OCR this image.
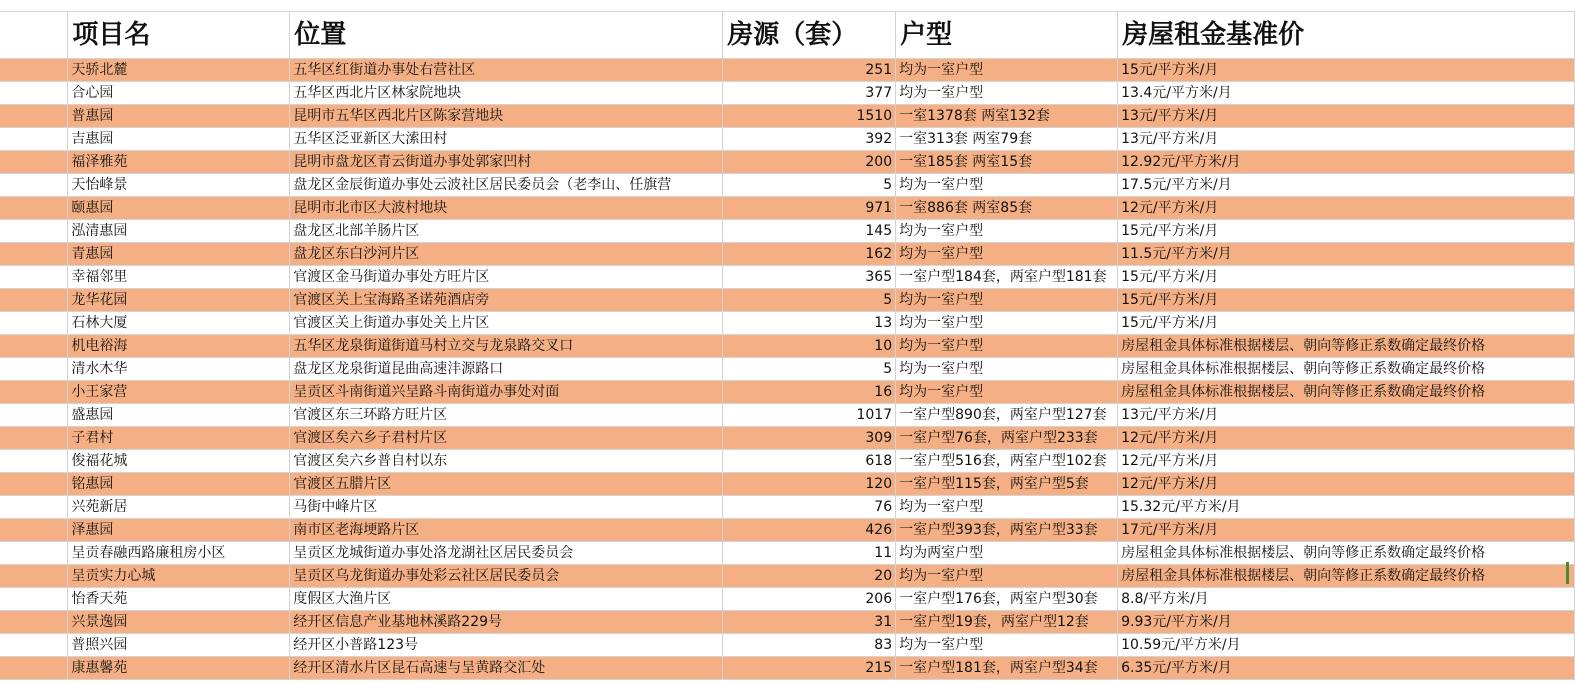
	项目名	位置	房源（套）	户型	房屋租金基准价
	天骄北麓	五华区红街道办事处右营社区	251	均为一室户型	15元/平方米/月
	合心园	五华区西北片区林家院地块	377	均为一室户型	13.4元/平方米/月
	普惠园	昆明市五华区西北片区陈家营地块	1510	一室1378套 两室132套	13元/平方米/月
	吉惠园	五华区泛亚新区大溹田村	392	一室313套 两室79套	13元/平方米/月
	福泽雅苑	昆明市盘龙区青云街道办事处郭家凹村	200	一室185套 两室15套	12.92元/平方米/月
	天怡峰景	盘龙区金辰街道办事处云波社区居民委员会（老李山、任旗营	5	均为一室户型	17.5元/平方米/月
	颐惠园	昆明市北市区大波村地块	971	一室886套 两室85套	12元/平方米/月
	泓清惠园	盘龙区北部羊肠片区	145	均为一室户型	15元/平方米/月
	青惠园	盘龙区东白沙河片区	162	均为一室户型	11.5元/平方米/月
	幸福邻里	官渡区金马街道办事处方旺片区	365	一室户型184套，两室户型181套	15元/平方米/月
	龙华花园	官渡区关上宝海路圣诺苑酒店旁	5	均为一室户型	15元/平方米/月
	石林大厦	官渡区关上街道办事处关上片区	13	均为一室户型	15元/平方米/月
	机电裕海	五华区龙泉街道街道马村立交与龙泉路交叉口	10	均为一室户型	房屋租金具体标准根据楼层、朝向等修正系数确定最终价格
	清水木华	盘龙区龙泉街道昆曲高速沣源路口	5	均为一室户型	房屋租金具体标准根据楼层、朝向等修正系数确定最终价格
	小王家营	呈贡区斗南街道兴呈路斗南街道办事处对面	16	均为一室户型	房屋租金具体标准根据楼层、朝向等修正系数确定最终价格
	盛惠园	官渡区东三环路方旺片区	1017	一室户型890套，两室户型127套	13元/平方米/月
	子君村	官渡区矣六乡子君村片区	309	一室户型76套，两室户型233套	12元/平方米/月
	俊福花城	官渡区矣六乡普自村以东	618	一室户型516套，两室户型102套	12元/平方米/月
	铭惠园	官渡区五腊片区	120	一室户型115套，两室户型5套	12元/平方米/月
	兴苑新居	马街中峰片区	76	均为一室户型	15.32元/平方米/月
	泽惠园	南市区老海埂路片区	426	一室户型393套，两室户型33套	17元/平方米/月
	呈贡春融西路廉租房小区	呈贡区龙城街道办事处洛龙湖社区居民委员会	11	均为两室户型	房屋租金具体标准根据楼层、朝向等修正系数确定最终价格
	呈贡实力心城	呈贡区乌龙街道办事处彩云社区居民委员会	20	均为一室户型	房屋租金具体标准根据楼层、朝向等修正系数确定最终价格
	怡香天苑	度假区大渔片区	206	一室户型176套，两室户型30套	8.8/平方米/月
	兴景逸园	经开区信息产业基地林溪路229号	31	一室户型19套，两室户型12套	9.93元/平方米/月
	普照兴园	经开区小普路123号	83	均为一室户型	10.59元/平方米/月
	康惠馨苑	经开区清水片区昆石高速与呈黄路交汇处	215	一室户型181套，两室户型34套	6.35元/平方米/月
